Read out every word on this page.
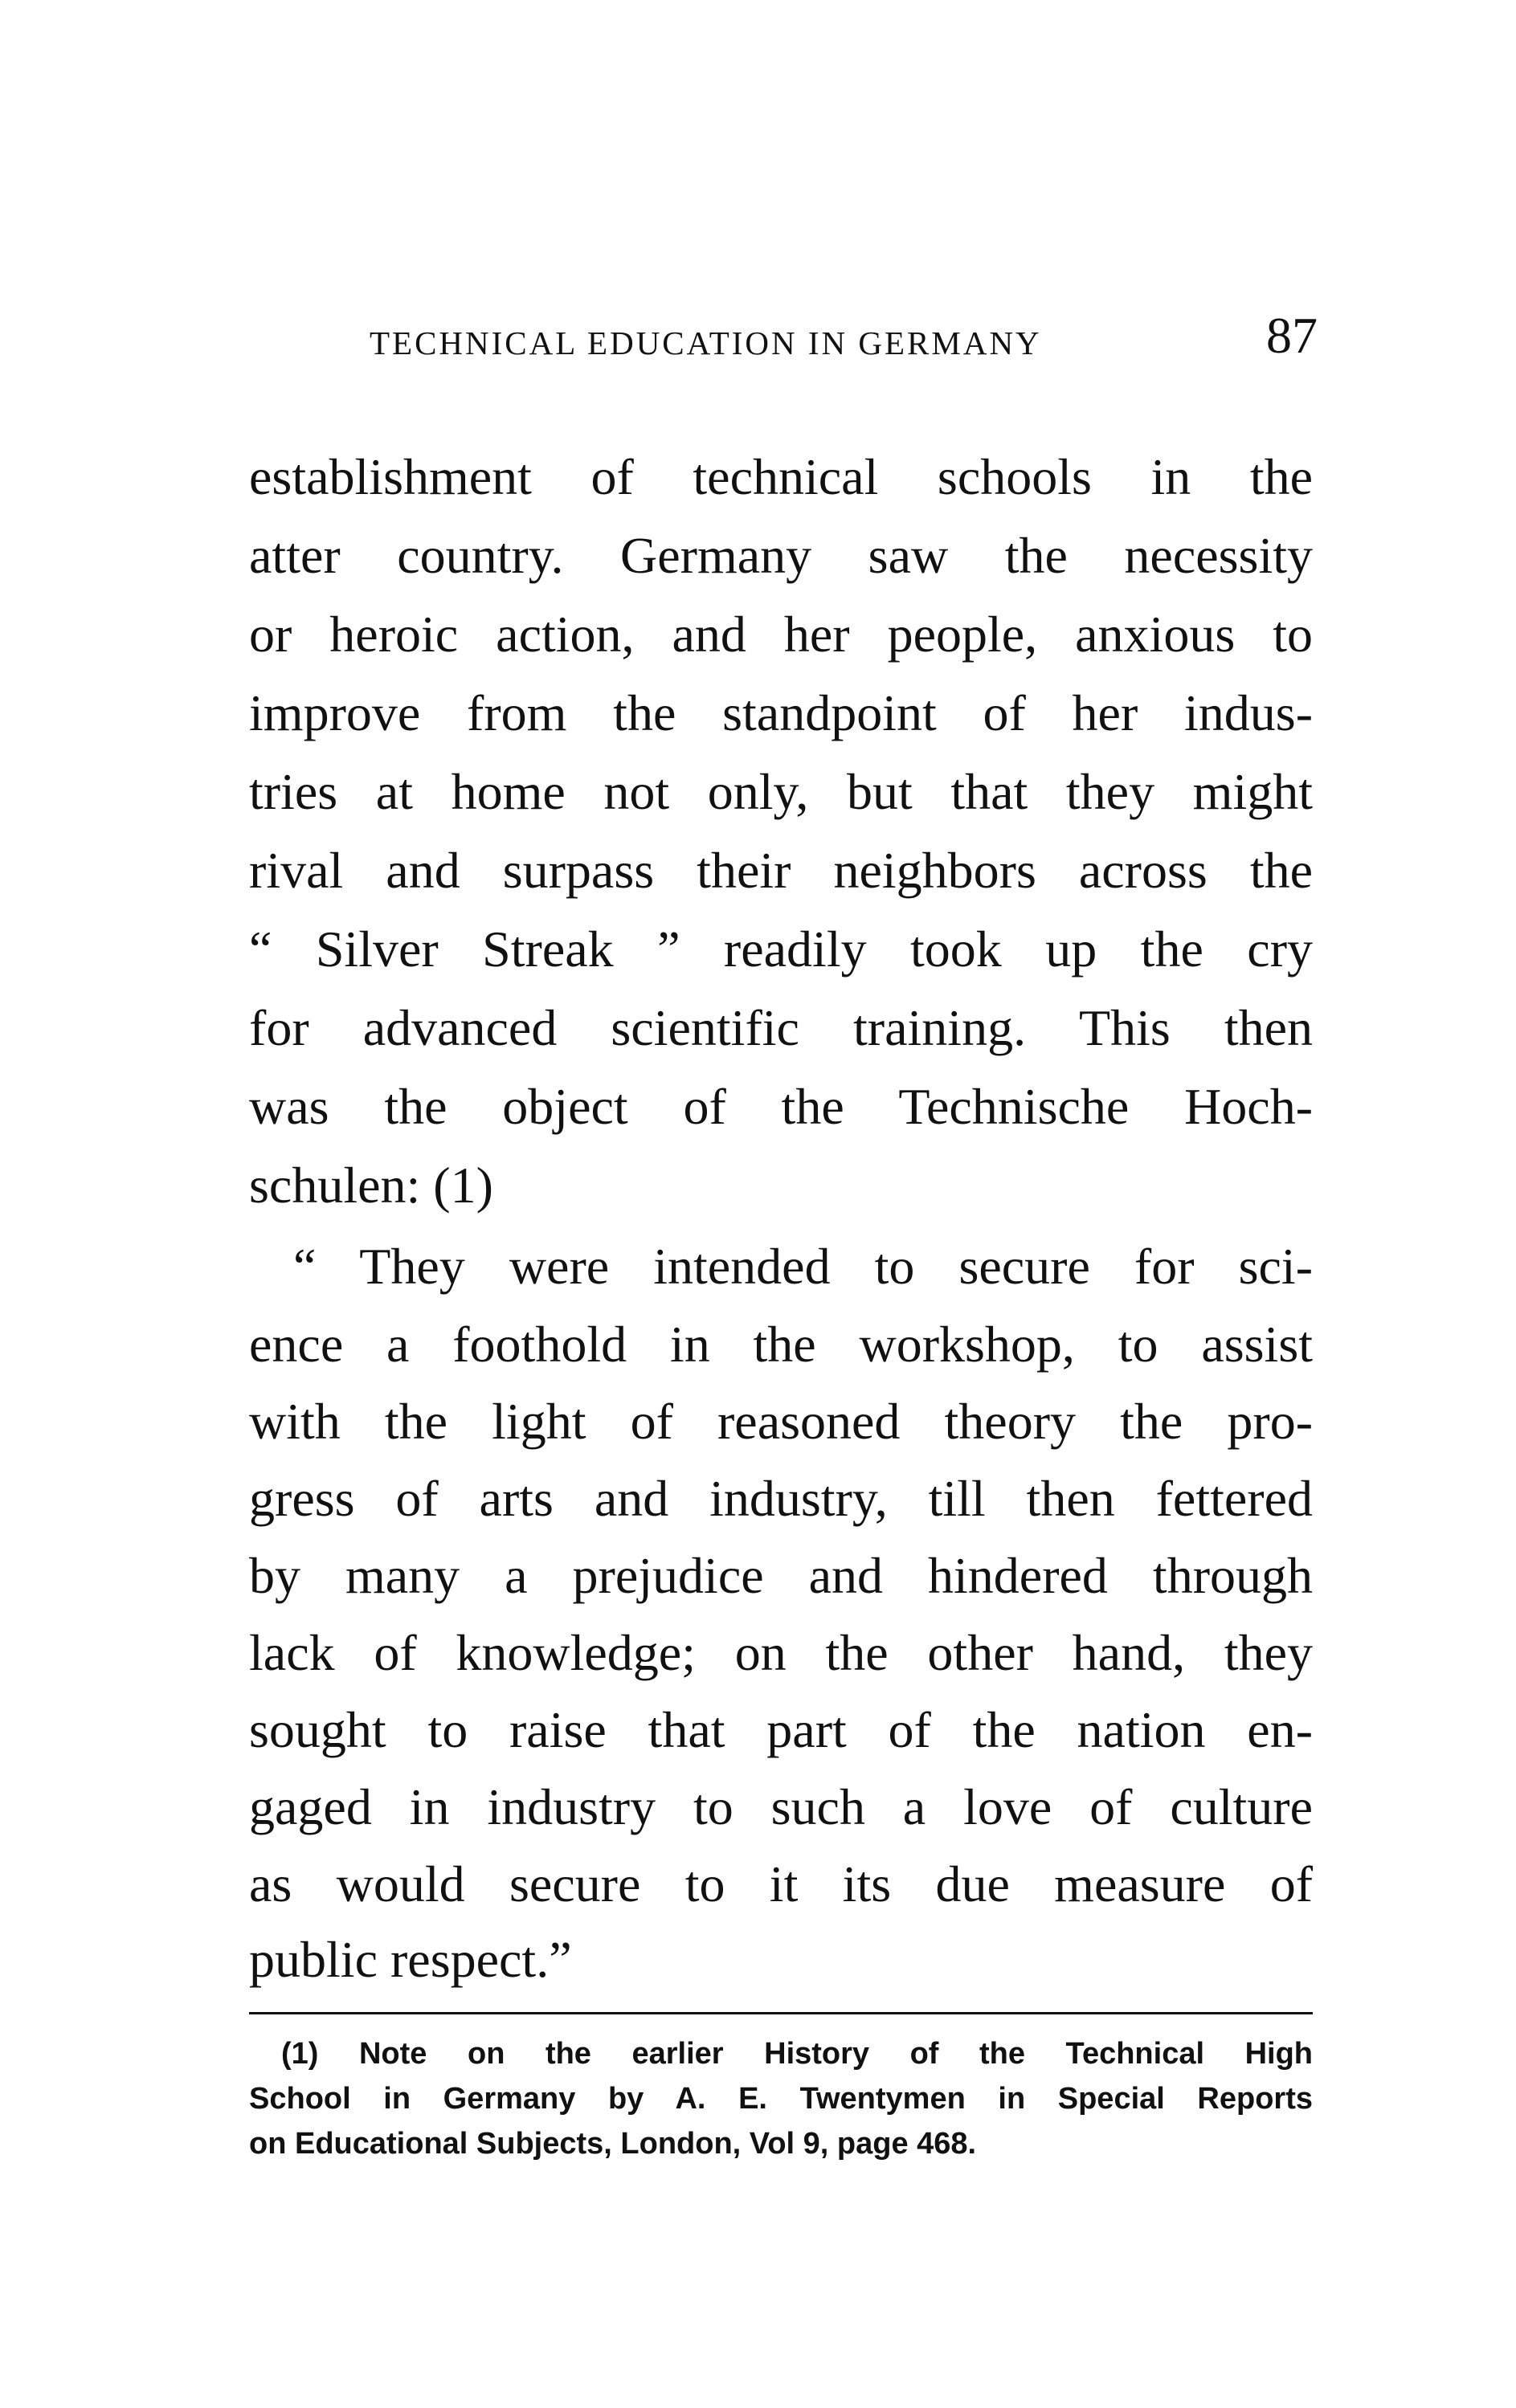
TECHNICAL EDUCATION IN GERMANY	87
establishment of technical schools in the
atter country. Germany saw the necessity
or heroic action, and her people, anxious to
improve from the standpoint of her indus-
tries at home not only, but that they might
rival and surpass their neighbors across the
“ Silver Streak ” readily took up the cry
for advanced scientific training. This then
was the object of the Technische Hoch-
schulen: (1)
“ They were intended to secure for sci-
ence a foothold in the workshop, to assist
with the light of reasoned theory the pro-
gress of arts and industry, till then fettered
by many a prejudice and hindered through
lack of knowledge; on the other hand, they
sought to raise that part of the nation en-
gaged in industry to such a love of culture
as would secure to it its due measure of
public respect.”
(1) Note on the earlier History of the Technical High
School in Germany by A. E. Twentymen in Special Reports
on Educational Subjects, London, Vol 9, page 468.
